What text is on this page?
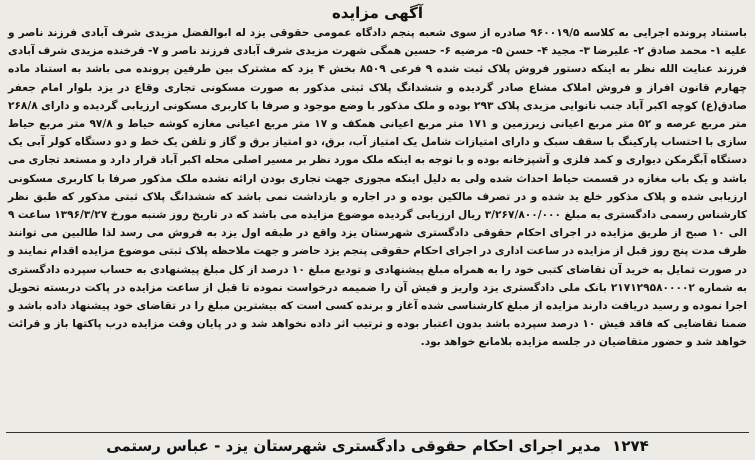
آگهی مزایده

باستناد پرونده اجرایی به کلاسه ۹۶۰۰۱۹/۵ صادره از سوی شعبه پنجم دادگاه عمومی حقوقی یزد له ابوالفضل مزیدی شرف آبادی فرزند ناصر و علیه ۱- محمد صادق ۲- علیرضا ۳- مجید ۴- حسن ۵- مرضیه ۶- حسین همگی شهرت مزیدی شرف آبادی فرزند ناصر و ۷- فرخنده مزیدی شرف آبادی فرزند عنایت الله نظر به اینکه دستور فروش پلاک ثبت شده ۹ فرعی ۸۵۰۹ بخش ۴ یزد که مشترک بین طرفین پرونده می باشد به استناد ماده چهارم قانون افراز و فروش املاک مشاع صادر گردیده و ششدانگ پلاک ثبتی مذکور به صورت مسکونی تجاری وقاع در یزد بلوار امام جعفر صادق(ع) کوچه اکبر آباد جنب نانوایی مزیدی پلاک ۲۹۳ بوده و ملک مذکور با وضع موجود و صرفا با کاربری مسکونی ارزیابی گردیده و دارای ۲۶۸/۸ متر مربع عرصه و ۵۲ متر مربع اعیانی زیرزمین و ۱۷۱ متر مربع اعیانی همکف و ۱۷ متر مربع اعیانی مغازه کوشه حیاط و ۹۷/۸ متر مربع حیاط سازی با احتساب پارکینگ با سقف سبک و دارای امتیازات شامل یک امتیاز آب، برق، دو امتیاز برق و گاز و تلفن یک خط و دو دستگاه کولر آبی یک دستگاه آبگرمکن دیواری و کمد فلزی و آشپزخانه بوده و با توجه به اینکه ملک مورد نظر بر مسیر اصلی محله اکبر آباد قرار دارد و مستعد تجاری می باشد و یک باب مغازه در قسمت حیاط احداث شده ولی به دلیل اینکه مجوزی جهت تجاری بودن ارائه نشده ملک مذکور صرفا با کاربری مسکونی ارزیابی شده و پلاک مذکور خلع ید شده و در تصرف مالکین بوده و در اجاره و بازداشت نمی باشد که ششدانگ پلاک ثبتی مذکور که طبق نظر کارشناس رسمی دادگستری به مبلغ ۳/۲۶۷/۸۰۰/۰۰۰ ریال ارزیابی گردیده موضوع مزایده می باشد که در تاریخ روز شنبه مورخ ۱۳۹۶/۳/۲۷ ساعت ۹ الی ۱۰ صبح از طریق مزایده در اجرای احکام حقوقی دادگستری شهرستان یزد واقع در طبقه اول یزد به فروش می رسد لذا طالبین می توانند ظرف مدت پنج روز قبل از مزایده در ساعت اداری در اجرای احکام حقوقی پنجم یزد حاضر و جهت ملاحظه پلاک ثبتی موضوع مزایده اقدام نمایند و در صورت تمایل به خرید آن تقاضای کتبی خود را به همراه مبلغ پیشنهادی و تودیع مبلغ ۱۰ درصد از کل مبلغ پیشنهادی به حساب سپرده دادگستری به شماره ۲۱۷۱۲۹۵۸۰۰۰۰۲ بانک ملی دادگستری یزد واریز و فیش آن را ضمیمه درخواست نموده تا قبل از ساعت مزایده در پاکت دربسته تحویل اجرا نموده و رسید دریافت دارند مزایده از مبلغ کارشناسی شده آغاز و برنده کسی است که بیشترین مبلغ را در تقاضای خود پیشنهاد داده باشد و ضمنا تقاضایی که فاقد فیش ۱۰ درصد سپرده باشد بدون اعتبار بوده و ترتیب اثر داده نخواهد شد و در پایان وقت مزایده درب پاکتها باز و قرائت خواهد شد و حضور متقاضیان در جلسه مزایده بلامانع خواهد بود.

۱۲۷۴ مدیر اجرای احکام حقوقی دادگستری شهرستان یزد - عباس رستمی
